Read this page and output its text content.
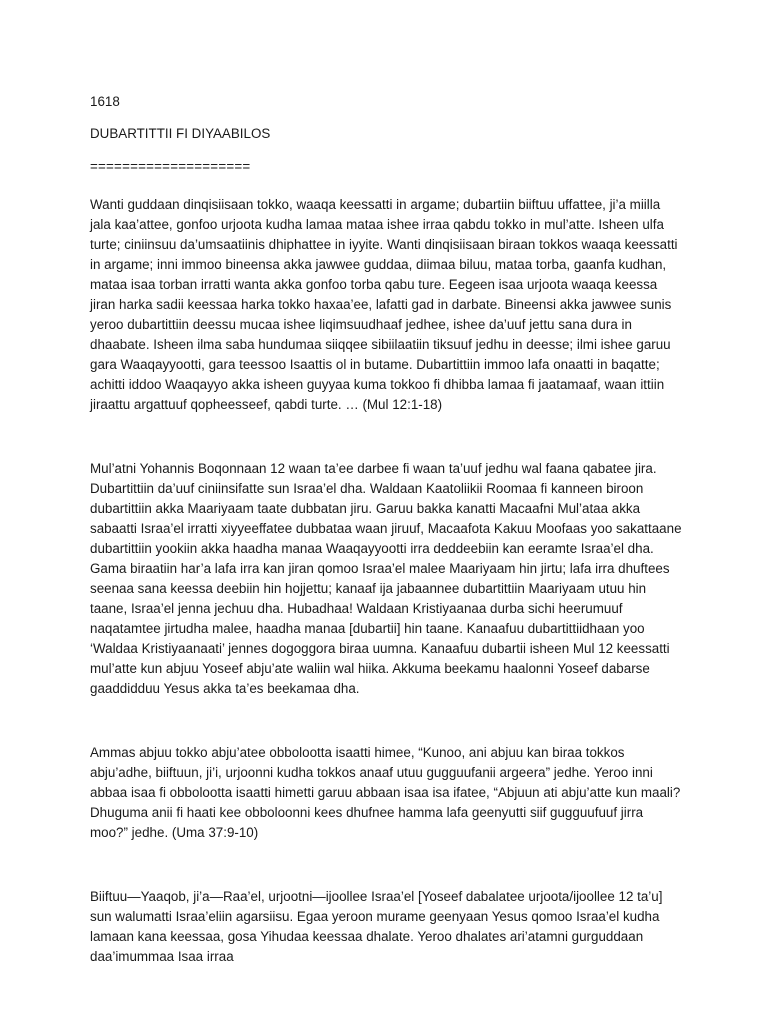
1618

DUBARTITTII FI DIYAABILOS

====================

Wanti guddaan dinqisiisaan tokko, waaqa keessatti in argame; dubartiin biiftuu uffattee, ji’a miilla jala kaa’attee, gonfoo urjoota kudha lamaa mataa ishee irraa qabdu tokko in mul’atte. Isheen ulfa turte; ciniinsuu da’umsaatiinis dhiphattee in iyyite. Wanti dinqisiisaan biraan tokkos waaqa keessatti in argame; inni immoo bineensa akka jawwee guddaa, diimaa biluu, mataa torba, gaanfa kudhan, mataa isaa torban irratti wanta akka gonfoo torba qabu ture. Eegeen isaa urjoota waaqa keessa jiran harka sadii keessaa harka tokko haxaa’ee, lafatti gad in darbate. Bineensi akka jawwee sunis yeroo dubartittiin deessu mucaa ishee liqimsuudhaaf jedhee, ishee da’uuf jettu sana dura in dhaabate. Isheen ilma saba hundumaa siiqqee sibiilaatiin tiksuuf jedhu in deesse; ilmi ishee garuu gara Waaqayyootti, gara teessoo Isaattis ol in butame. Dubartittiin immoo lafa onaatti in baqatte; achitti iddoo Waaqayyo akka isheen guyyaa kuma tokkoo fi dhibba lamaa fi jaatamaaf, waan ittiin jiraattu argattuuf qopheesseef, qabdi turte. … (Mul 12:1-18)

Mul’atni Yohannis Boqonnaan 12 waan ta’ee darbee fi waan ta’uuf jedhu wal faana qabatee jira. Dubartittiin da’uuf ciniinsifatte sun Israa’el dha. Waldaan Kaatoliikii Roomaa fi kanneen biroon dubartittiin akka Maariyaam taate dubbatan jiru. Garuu bakka kanatti Macaafni Mul’ataa akka sabaatti Israa’el irratti xiyyeeffatee dubbataa waan jiruuf, Macaafota Kakuu Moofaas yoo sakattaane dubartittiin yookiin akka haadha manaa Waaqayyootti irra deddeebiin kan eeramte Israa’el dha. Gama biraatiin har’a lafa irra kan jiran qomoo Israa’el malee Maariyaam hin jirtu; lafa irra dhuftees seenaa sana keessa deebiin hin hojjettu; kanaaf ija jabaannee dubartittiin Maariyaam utuu hin taane, Israa’el jenna jechuu dha. Hubadhaa! Waldaan Kristiyaanaa durba sichi heerumuuf naqatamtee jirtudha malee, haadha manaa [dubartii] hin taane. Kanaafuu dubartittiidhaan yoo ‘Waldaa Kristiyaanaati’ jennes dogoggora biraa uumna. Kanaafuu dubartii isheen Mul 12 keessatti mul’atte kun abjuu Yoseef abju’ate waliin wal hiika. Akkuma beekamu haalonni Yoseef dabarse gaaddidduu Yesus akka ta’es beekamaa dha.

Ammas abjuu tokko abju’atee obbolootta isaatti himee, “Kunoo, ani abjuu kan biraa tokkos abju’adhe, biiftuun, ji’i, urjoonni kudha tokkos anaaf utuu gugguufanii argeera” jedhe. Yeroo inni abbaa isaa fi obbolootta isaatti himetti garuu abbaan isaa isa ifatee, “Abjuun ati abju’atte kun maali? Dhuguma anii fi haati kee obboloonni kees dhufnee hamma lafa geenyutti siif gugguufuuf jirra moo?” jedhe. (Uma 37:9-10)

Biiftuu—Yaaqob, ji’a—Raa’el, urjootni—ijoollee Israa’el [Yoseef dabalatee urjoota/ijoollee 12 ta’u] sun walumatti Israa’eliin agarsiisu. Egaa yeroon murame geenyaan Yesus qomoo Israa’el kudha lamaan kana keessaa, gosa Yihudaa keessaa dhalate. Yeroo dhalates ari’atamni gurguddaan daa’imummaa Isaa irraa
